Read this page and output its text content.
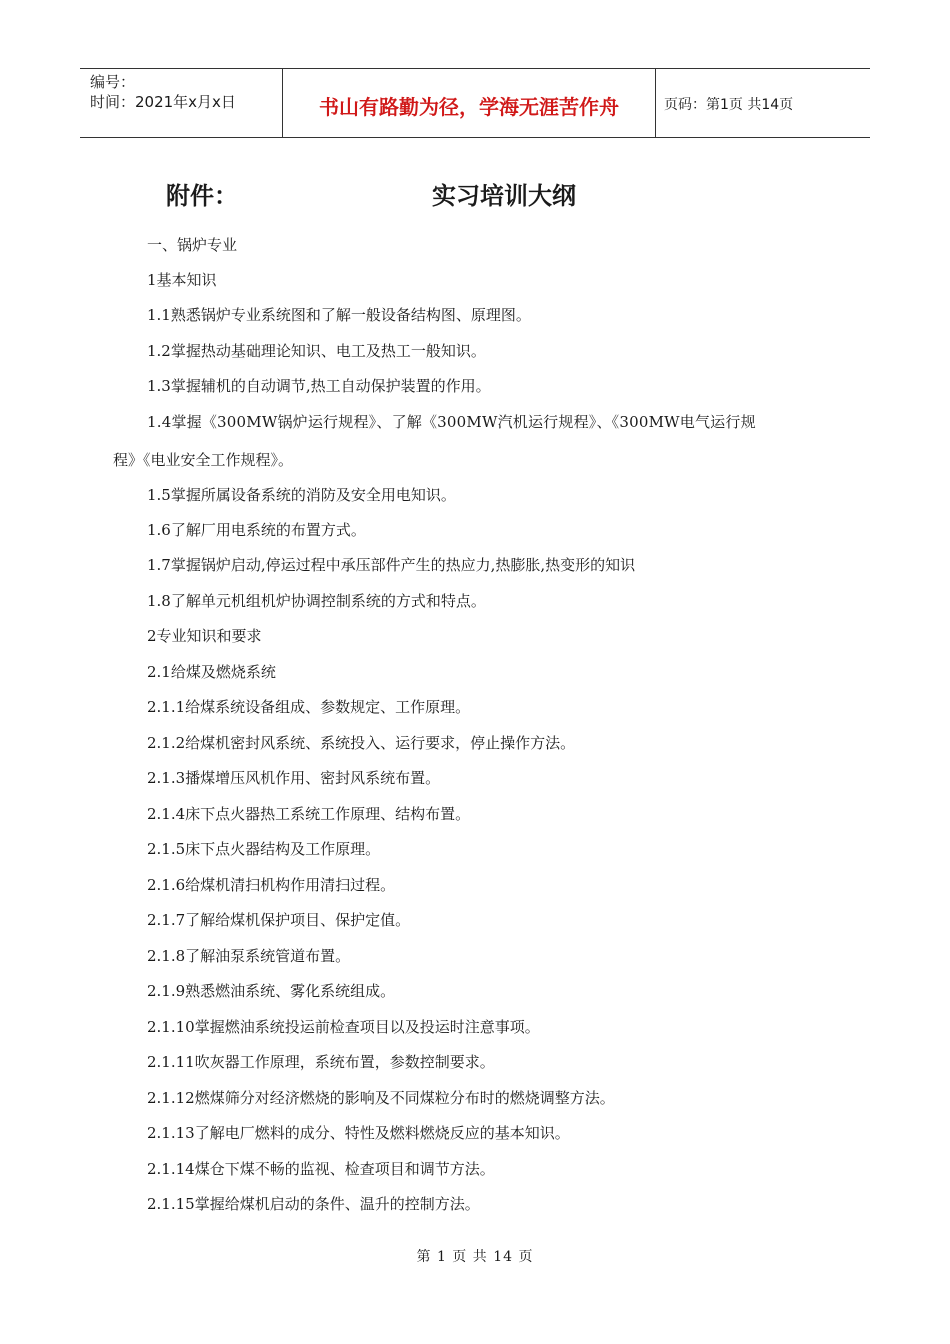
编号：
时间：2021年x月x日	书山有路勤为径，学海无涯苦作舟	页码：第1页 共14页
附件：	实习培训大纲
一、锅炉专业
1基本知识
1.1熟悉锅炉专业系统图和了解一般设备结构图、原理图。
1.2掌握热动基础理论知识、电工及热工一般知识。
1.3掌握辅机的自动调节,热工自动保护装置的作用。
1.4掌握《300MW锅炉运行规程》、了解《300MW汽机运行规程》、《300MW电气运行规
程》《电业安全工作规程》。
1.5掌握所属设备系统的消防及安全用电知识。
1.6了解厂用电系统的布置方式。
1.7掌握锅炉启动,停运过程中承压部件产生的热应力,热膨胀,热变形的知识
1.8了解单元机组机炉协调控制系统的方式和特点。
2专业知识和要求
2.1给煤及燃烧系统
2.1.1给煤系统设备组成、参数规定、工作原理。
2.1.2给煤机密封风系统、系统投入、运行要求，停止操作方法。
2.1.3播煤增压风机作用、密封风系统布置。
2.1.4床下点火器热工系统工作原理、结构布置。
2.1.5床下点火器结构及工作原理。
2.1.6给煤机清扫机构作用清扫过程。
2.1.7了解给煤机保护项目、保护定值。
2.1.8了解油泵系统管道布置。
2.1.9熟悉燃油系统、雾化系统组成。
2.1.10掌握燃油系统投运前检查项目以及投运时注意事项。
2.1.11吹灰器工作原理，系统布置，参数控制要求。
2.1.12燃煤筛分对经济燃烧的影响及不同煤粒分布时的燃烧调整方法。
2.1.13了解电厂燃料的成分、特性及燃料燃烧反应的基本知识。
2.1.14煤仓下煤不畅的监视、检查项目和调节方法。
2.1.15掌握给煤机启动的条件、温升的控制方法。
第 1 页 共 14 页
